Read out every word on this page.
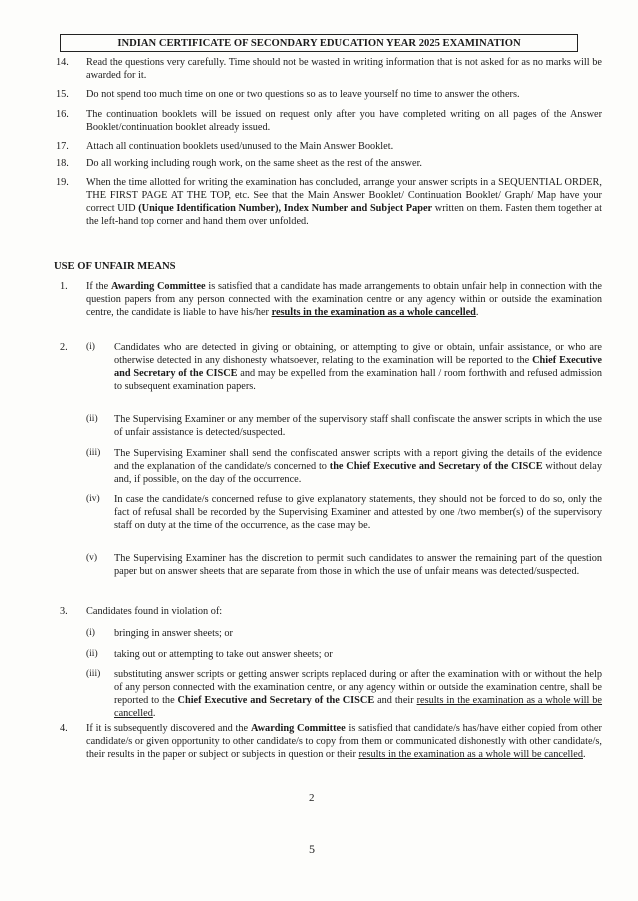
INDIAN CERTIFICATE OF SECONDARY EDUCATION YEAR 2025 EXAMINATION
14. Read the questions very carefully. Time should not be wasted in writing information that is not asked for as no marks will be awarded for it.
15. Do not spend too much time on one or two questions so as to leave yourself no time to answer the others.
16. The continuation booklets will be issued on request only after you have completed writing on all pages of the Answer Booklet/continuation booklet already issued.
17. Attach all continuation booklets used/unused to the Main Answer Booklet.
18. Do all working including rough work, on the same sheet as the rest of the answer.
19. When the time allotted for writing the examination has concluded, arrange your answer scripts in a SEQUENTIAL ORDER, THE FIRST PAGE AT THE TOP, etc. See that the Main Answer Booklet/ Continuation Booklet/ Graph/ Map have your correct UID (Unique Identification Number), Index Number and Subject Paper written on them. Fasten them together at the left-hand top corner and hand them over unfolded.
USE OF UNFAIR MEANS
1. If the Awarding Committee is satisfied that a candidate has made arrangements to obtain unfair help in connection with the question papers from any person connected with the examination centre or any agency within or outside the examination centre, the candidate is liable to have his/her results in the examination as a whole cancelled.
2. (i) Candidates who are detected in giving or obtaining, or attempting to give or obtain, unfair assistance, or who are otherwise detected in any dishonesty whatsoever, relating to the examination will be reported to the Chief Executive and Secretary of the CISCE and may be expelled from the examination hall / room forthwith and refused admission to subsequent examination papers.
(ii) The Supervising Examiner or any member of the supervisory staff shall confiscate the answer scripts in which the use of unfair assistance is detected/suspected.
(iii) The Supervising Examiner shall send the confiscated answer scripts with a report giving the details of the evidence and the explanation of the candidate/s concerned to the Chief Executive and Secretary of the CISCE without delay and, if possible, on the day of the occurrence.
(iv) In case the candidate/s concerned refuse to give explanatory statements, they should not be forced to do so, only the fact of refusal shall be recorded by the Supervising Examiner and attested by one /two member(s) of the supervisory staff on duty at the time of the occurrence, as the case may be.
(v) The Supervising Examiner has the discretion to permit such candidates to answer the remaining part of the question paper but on answer sheets that are separate from those in which the use of unfair means was detected/suspected.
3. Candidates found in violation of:
(i) bringing in answer sheets; or
(ii) taking out or attempting to take out answer sheets; or
(iii) substituting answer scripts or getting answer scripts replaced during or after the examination with or without the help of any person connected with the examination centre, or any agency within or outside the examination centre, shall be reported to the Chief Executive and Secretary of the CISCE and their results in the examination as a whole will be cancelled.
4. If it is subsequently discovered and the Awarding Committee is satisfied that candidate/s has/have either copied from other candidate/s or given opportunity to other candidate/s to copy from them or communicated dishonestly with other candidate/s, their results in the paper or subject or subjects in question or their results in the examination as a whole will be cancelled.
2
5
